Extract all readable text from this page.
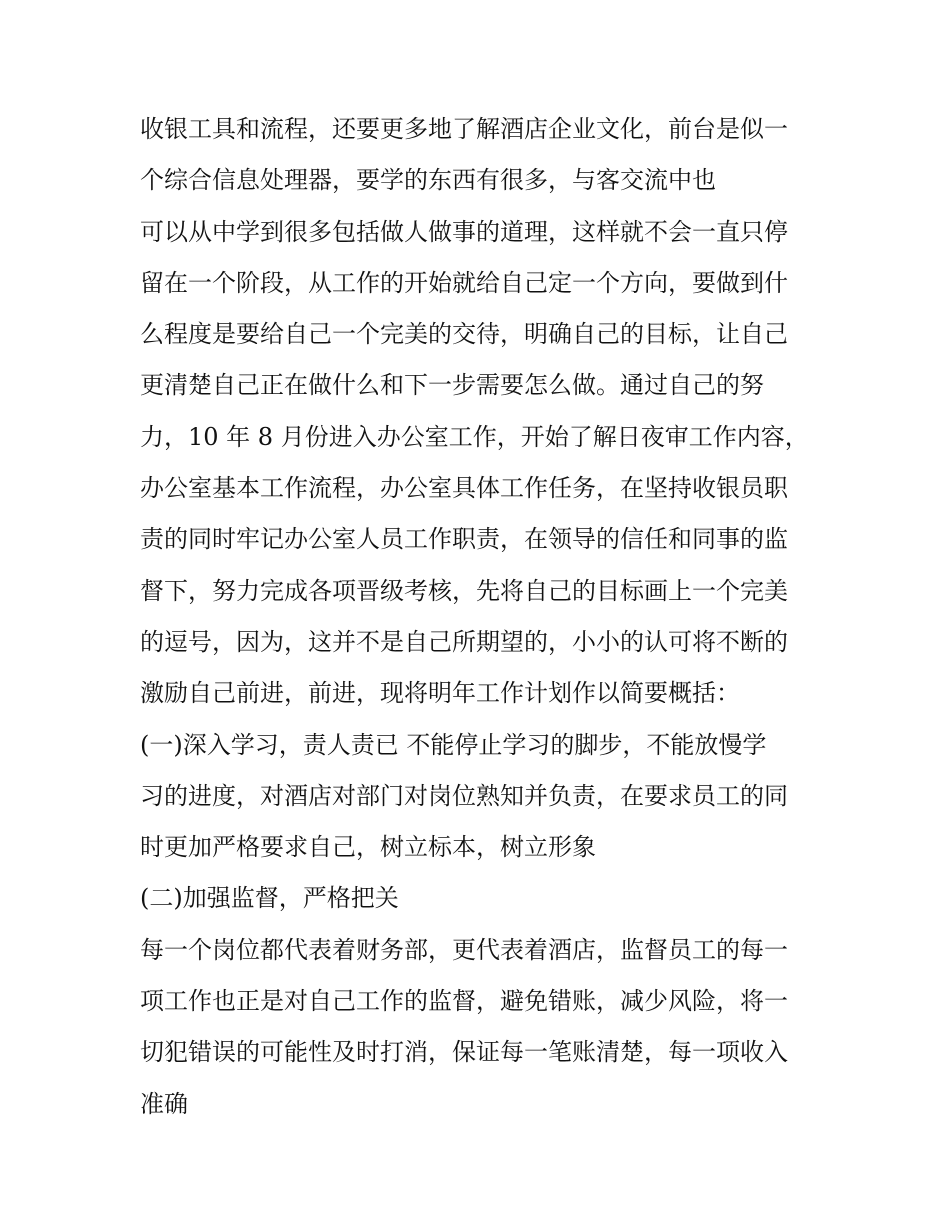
收银工具和流程，还要更多地了解酒店企业文化，前台是似一
个综合信息处理器，要学的东西有很多，与客交流中也
可以从中学到很多包括做人做事的道理，这样就不会一直只停
留在一个阶段，从工作的开始就给自己定一个方向，要做到什
么程度是要给自己一个完美的交待，明确自己的目标，让自己
更清楚自己正在做什么和下一步需要怎么做。通过自己的努
力，10 年 8 月份进入办公室工作，开始了解日夜审工作内容，
办公室基本工作流程，办公室具体工作任务，在坚持收银员职
责的同时牢记办公室人员工作职责，在领导的信任和同事的监
督下，努力完成各项晋级考核，先将自己的目标画上一个完美
的逗号，因为，这并不是自己所期望的，小小的认可将不断的
激励自己前进，前进，现将明年工作计划作以简要概括：
(一)深入学习，责人责已 不能停止学习的脚步，不能放慢学
习的进度，对酒店对部门对岗位熟知并负责，在要求员工的同
时更加严格要求自己，树立标本，树立形象
(二)加强监督，严格把关
每一个岗位都代表着财务部，更代表着酒店，监督员工的每一
项工作也正是对自己工作的监督，避免错账，减少风险，将一
切犯错误的可能性及时打消，保证每一笔账清楚，每一项收入
准确
